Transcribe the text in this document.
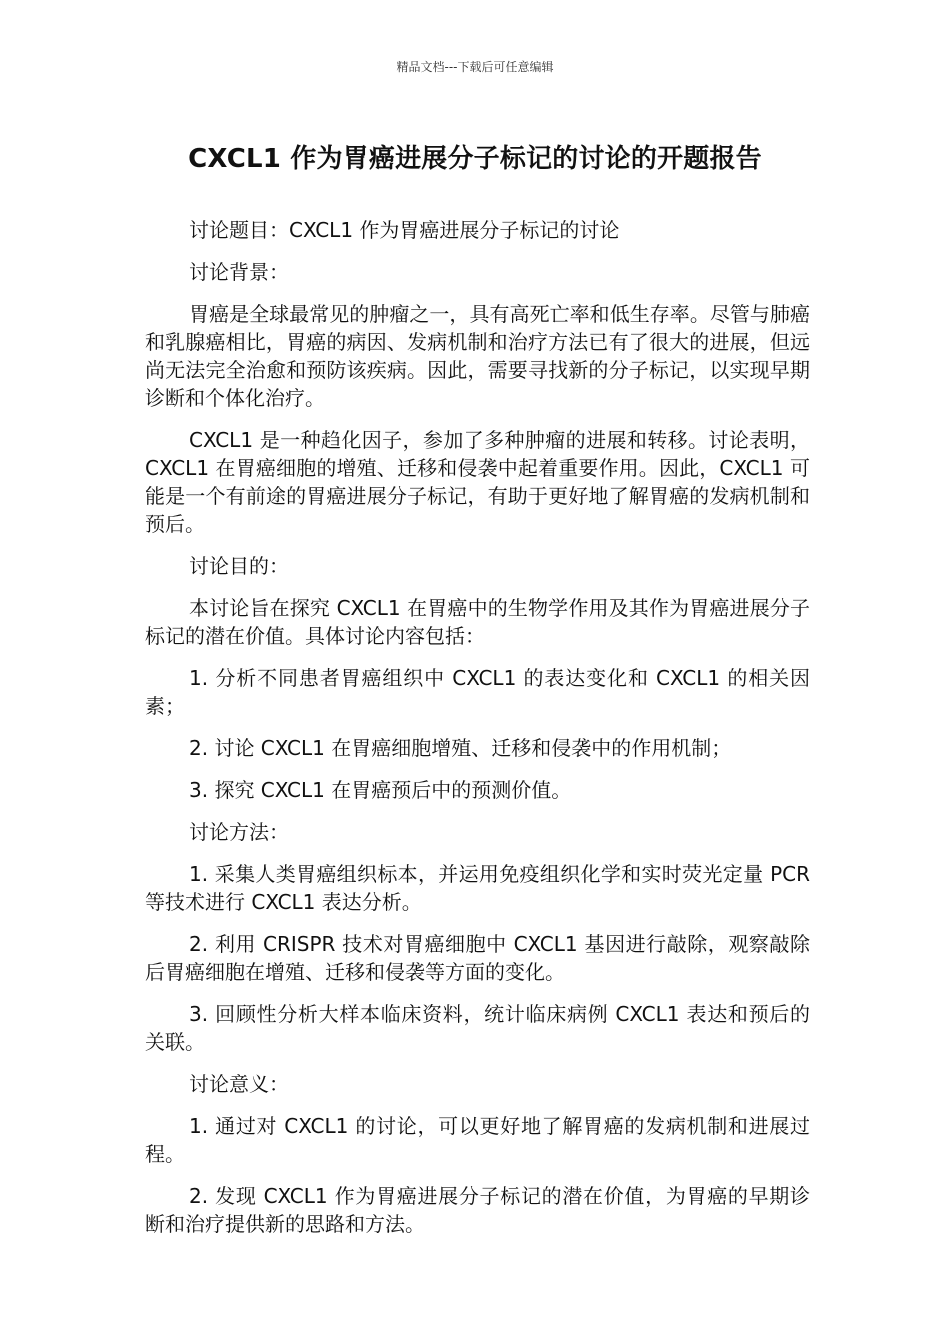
精品文档---下载后可任意编辑
CXCL1 作为胃癌进展分子标记的讨论的开题报告

讨论题目：CXCL1 作为胃癌进展分子标记的讨论

讨论背景：

胃癌是全球最常见的肿瘤之一，具有高死亡率和低生存率。尽管与肺癌和乳腺癌相比，胃癌的病因、发病机制和治疗方法已有了很大的进展，但远尚无法完全治愈和预防该疾病。因此，需要寻找新的分子标记，以实现早期诊断和个体化治疗。

CXCL1 是一种趋化因子，参加了多种肿瘤的进展和转移。讨论表明，CXCL1 在胃癌细胞的增殖、迁移和侵袭中起着重要作用。因此，CXCL1 可能是一个有前途的胃癌进展分子标记，有助于更好地了解胃癌的发病机制和预后。

讨论目的：

本讨论旨在探究 CXCL1 在胃癌中的生物学作用及其作为胃癌进展分子标记的潜在价值。具体讨论内容包括：

1. 分析不同患者胃癌组织中 CXCL1 的表达变化和 CXCL1 的相关因素；

2. 讨论 CXCL1 在胃癌细胞增殖、迁移和侵袭中的作用机制；

3. 探究 CXCL1 在胃癌预后中的预测价值。

讨论方法：

1. 采集人类胃癌组织标本，并运用免疫组织化学和实时荧光定量 PCR 等技术进行 CXCL1 表达分析。

2. 利用 CRISPR 技术对胃癌细胞中 CXCL1 基因进行敲除，观察敲除后胃癌细胞在增殖、迁移和侵袭等方面的变化。

3. 回顾性分析大样本临床资料，统计临床病例 CXCL1 表达和预后的关联。

讨论意义：

1. 通过对 CXCL1 的讨论，可以更好地了解胃癌的发病机制和进展过程。

2. 发现 CXCL1 作为胃癌进展分子标记的潜在价值，为胃癌的早期诊断和治疗提供新的思路和方法。
